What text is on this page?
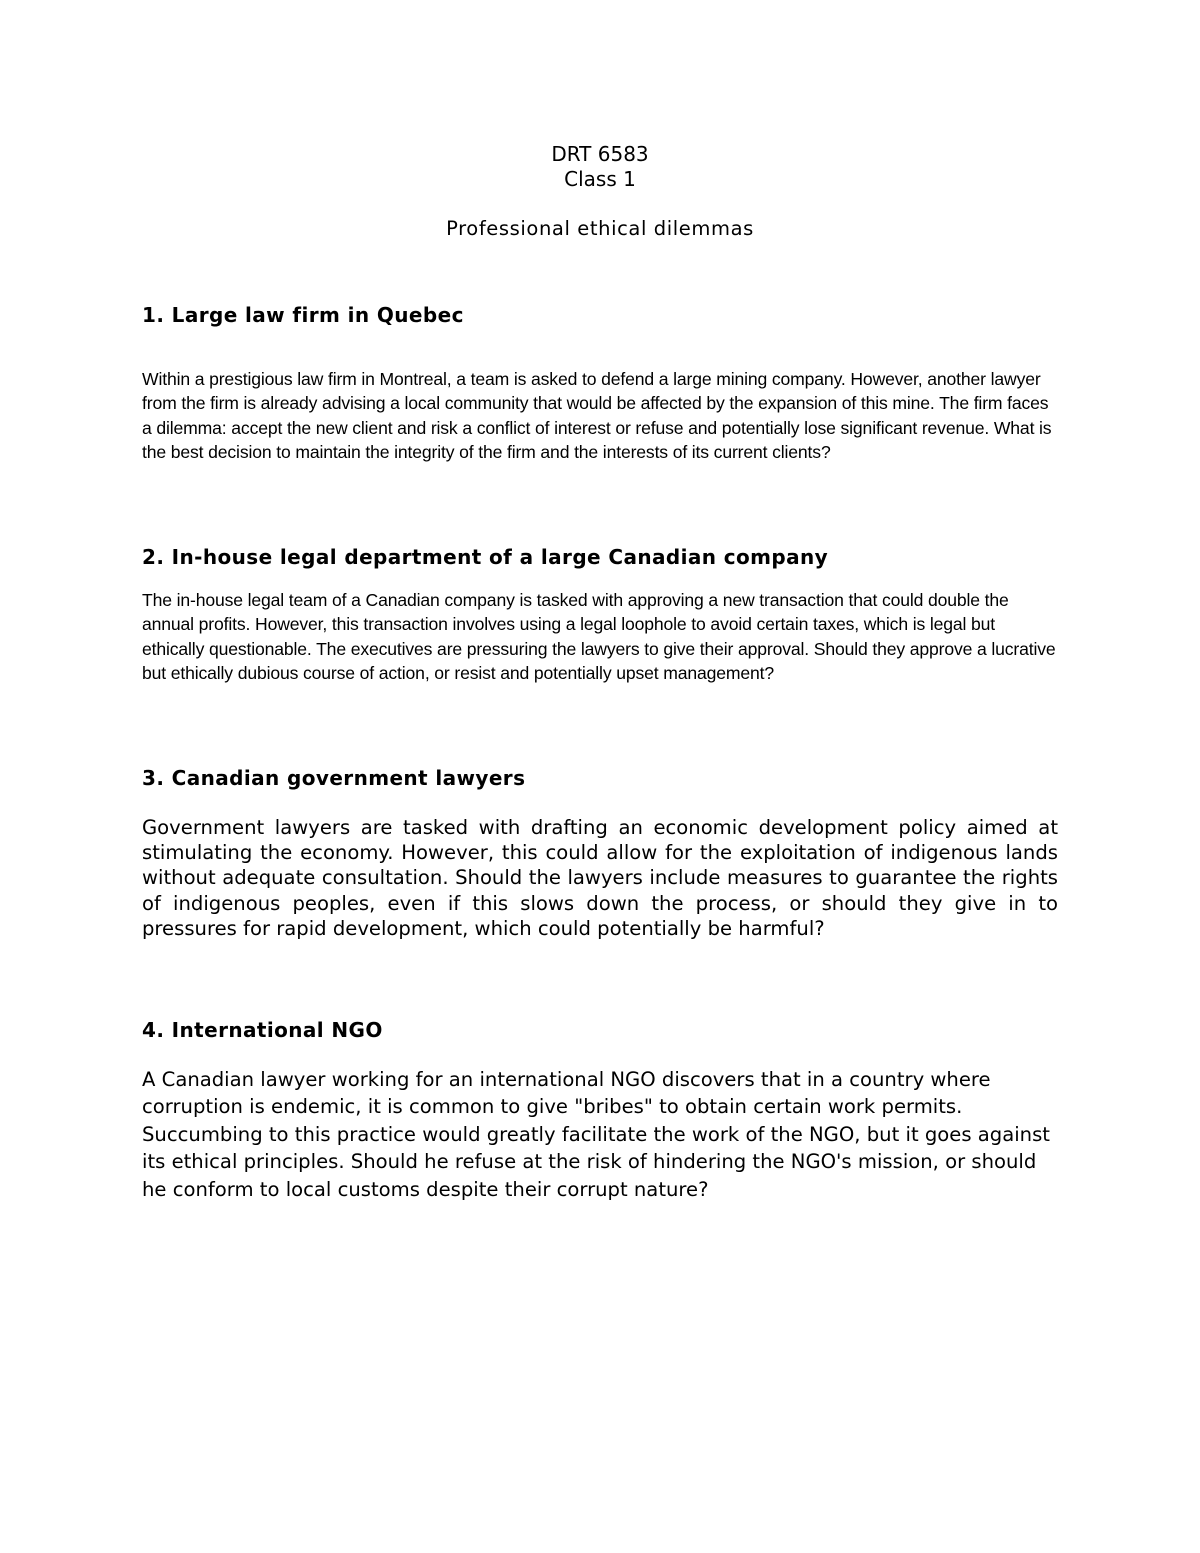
DRT 6583
Class 1
Professional ethical dilemmas
1. Large law firm in Quebec

Within a prestigious law firm in Montreal, a team is asked to defend a large mining company. However, another lawyer from the firm is already advising a local community that would be affected by the expansion of this mine. The firm faces a dilemma: accept the new client and risk a conflict of interest or refuse and potentially lose significant revenue. What is the best decision to maintain the integrity of the firm and the interests of its current clients?

2. In-house legal department of a large Canadian company

The in-house legal team of a Canadian company is tasked with approving a new transaction that could double the annual profits. However, this transaction involves using a legal loophole to avoid certain taxes, which is legal but ethically questionable. The executives are pressuring the lawyers to give their approval. Should they approve a lucrative but ethically dubious course of action, or resist and potentially upset management?

3. Canadian government lawyers

Government lawyers are tasked with drafting an economic development policy aimed at stimulating the economy. However, this could allow for the exploitation of indigenous lands without adequate consultation. Should the lawyers include measures to guarantee the rights of indigenous peoples, even if this slows down the process, or should they give in to pressures for rapid development, which could potentially be harmful?

4. International NGO

A Canadian lawyer working for an international NGO discovers that in a country where corruption is endemic, it is common to give "bribes" to obtain certain work permits. Succumbing to this practice would greatly facilitate the work of the NGO, but it goes against its ethical principles. Should he refuse at the risk of hindering the NGO's mission, or should he conform to local customs despite their corrupt nature?
